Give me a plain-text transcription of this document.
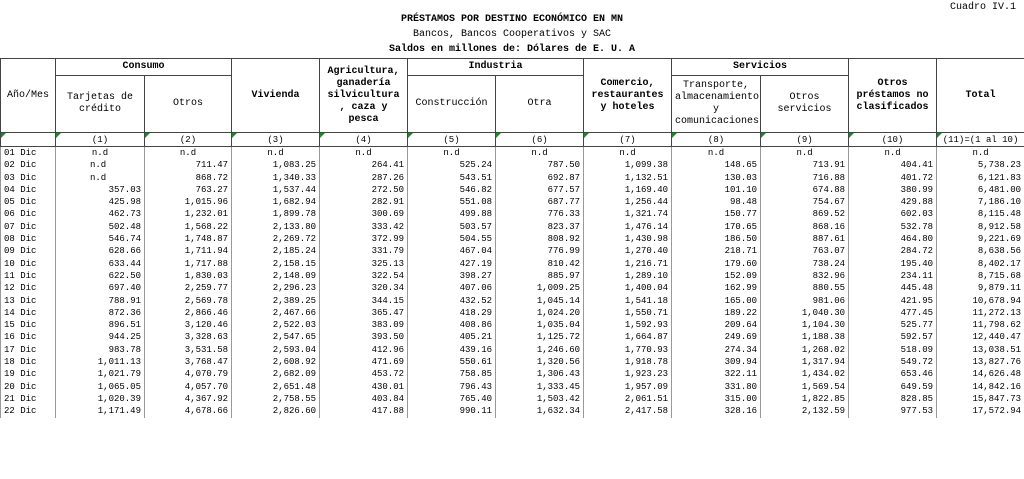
Cuadro IV.1
PRÉSTAMOS POR DESTINO ECONÓMICO EN MN
Bancos, Bancos Cooperativos y SAC
Saldos en millones de: Dólares de E. U. A
Año/Mes	Consumo		Vivienda	Agricultura, ganadería silvicultura , caza y pesca	Industria		Comercio, restaurantes y hoteles	Servicios		Otros préstamos no clasificados	Total
	Tarjetas de crédito	Otros			Construcción	Otra		Transporte, almacenamiento y comunicaciones	Otros servicios		
	(1)	(2)	(3)	(4)	(5)	(6)	(7)	(8)	(9)	(10)	(11)=(1 al 10)
01 Dic	n.d	n.d	n.d	n.d	n.d	n.d	n.d	n.d	n.d	n.d	n.d
02 Dic	n.d	711.47	1,083.25	264.41	525.24	787.50	1,099.38	148.65	713.91	404.41	5,738.23
03 Dic	n.d	868.72	1,340.33	287.26	543.51	692.87	1,132.51	130.03	716.88	401.72	6,121.83
04 Dic	357.03	763.27	1,537.44	272.50	546.82	677.57	1,169.40	101.10	674.88	380.99	6,481.00
05 Dic	425.98	1,015.96	1,682.94	282.91	551.08	687.77	1,256.44	98.48	754.67	429.88	7,186.10
06 Dic	462.73	1,232.01	1,899.78	300.69	499.88	776.33	1,321.74	150.77	869.52	602.03	8,115.48
07 Dic	502.48	1,568.22	2,133.80	333.42	503.57	823.37	1,476.14	170.65	868.16	532.78	8,912.58
08 Dic	546.74	1,748.87	2,269.72	372.99	504.55	808.92	1,430.98	186.50	887.61	464.80	9,221.69
09 Dic	628.66	1,711.94	2,185.24	331.79	467.04	776.99	1,270.40	218.71	763.07	284.72	8,638.56
10 Dic	633.44	1,717.88	2,158.15	325.13	427.19	810.42	1,216.71	179.60	738.24	195.40	8,402.17
11 Dic	622.50	1,830.03	2,148.09	322.54	398.27	885.97	1,289.10	152.09	832.96	234.11	8,715.68
12 Dic	697.40	2,259.77	2,296.23	320.34	407.06	1,009.25	1,400.04	162.99	880.55	445.48	9,879.11
13 Dic	788.91	2,569.78	2,389.25	344.15	432.52	1,045.14	1,541.18	165.00	981.06	421.95	10,678.94
14 Dic	872.36	2,866.46	2,467.66	365.47	418.29	1,024.20	1,550.71	189.22	1,040.30	477.45	11,272.13
15 Dic	896.51	3,120.46	2,522.03	383.09	408.86	1,035.04	1,592.93	209.64	1,104.30	525.77	11,798.62
16 Dic	944.25	3,328.63	2,547.65	393.50	405.21	1,125.72	1,664.87	249.69	1,188.38	592.57	12,440.47
17 Dic	983.78	3,531.58	2,593.04	412.96	439.16	1,246.60	1,770.93	274.34	1,268.02	518.09	13,038.51
18 Dic	1,011.13	3,768.47	2,608.92	471.69	550.61	1,320.56	1,918.78	309.94	1,317.94	549.72	13,827.76
19 Dic	1,021.79	4,070.79	2,682.09	453.72	758.85	1,306.43	1,923.23	322.11	1,434.02	653.46	14,626.48
20 Dic	1,065.05	4,057.70	2,651.48	430.01	796.43	1,333.45	1,957.09	331.80	1,569.54	649.59	14,842.16
21 Dic	1,020.39	4,367.92	2,758.55	403.84	765.40	1,503.42	2,061.51	315.00	1,822.85	828.85	15,847.73
22 Dic	1,171.49	4,678.66	2,826.60	417.88	990.11	1,632.34	2,417.58	328.16	2,132.59	977.53	17,572.94
